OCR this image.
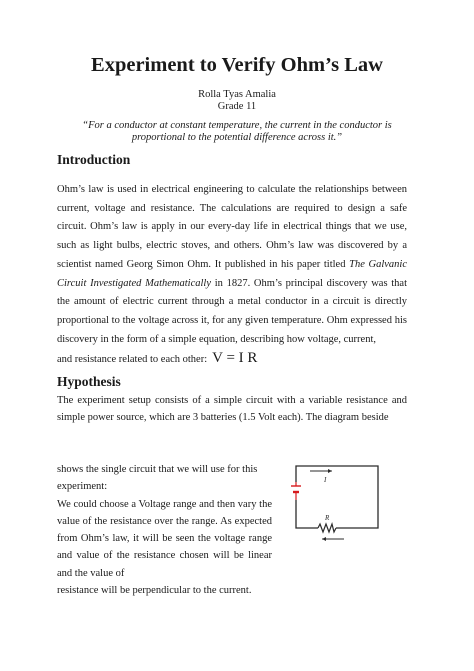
Experiment to Verify Ohm’s Law
Rolla Tyas Amalia
Grade 11
“For a conductor at constant temperature, the current in the conductor is proportional to the potential difference across it.”
Introduction

Ohm’s law is used in electrical engineering to calculate the relationships between current, voltage and resistance. The calculations are required to design a safe circuit. Ohm’s law is apply in our every-day life in electrical things that we use, such as light bulbs, electric stoves, and others. Ohm’s law was discovered by a scientist named Georg Simon Ohm. It published in his paper titled The Galvanic Circuit Investigated Mathematically in 1827. Ohm’s principal discovery was that the amount of electric current through a metal conductor in a circuit is directly proportional to the voltage across it, for any given temperature. Ohm expressed his discovery in the form of a simple equation, describing how voltage, current,

and resistance related to each other: V = I R

Hypothesis

The experiment setup consists of a simple circuit with a variable resistance and simple power source, which are 3 batteries (1.5 Volt each). The diagram beside

shows the single circuit that we will use for this experiment:

We could choose a Voltage range and then vary the value of the resistance over the range. As expected from Ohm’s law, it will be seen the voltage range and value of the resistance chosen will be linear and the value of

resistance will be perpendicular to the current.

I
R
